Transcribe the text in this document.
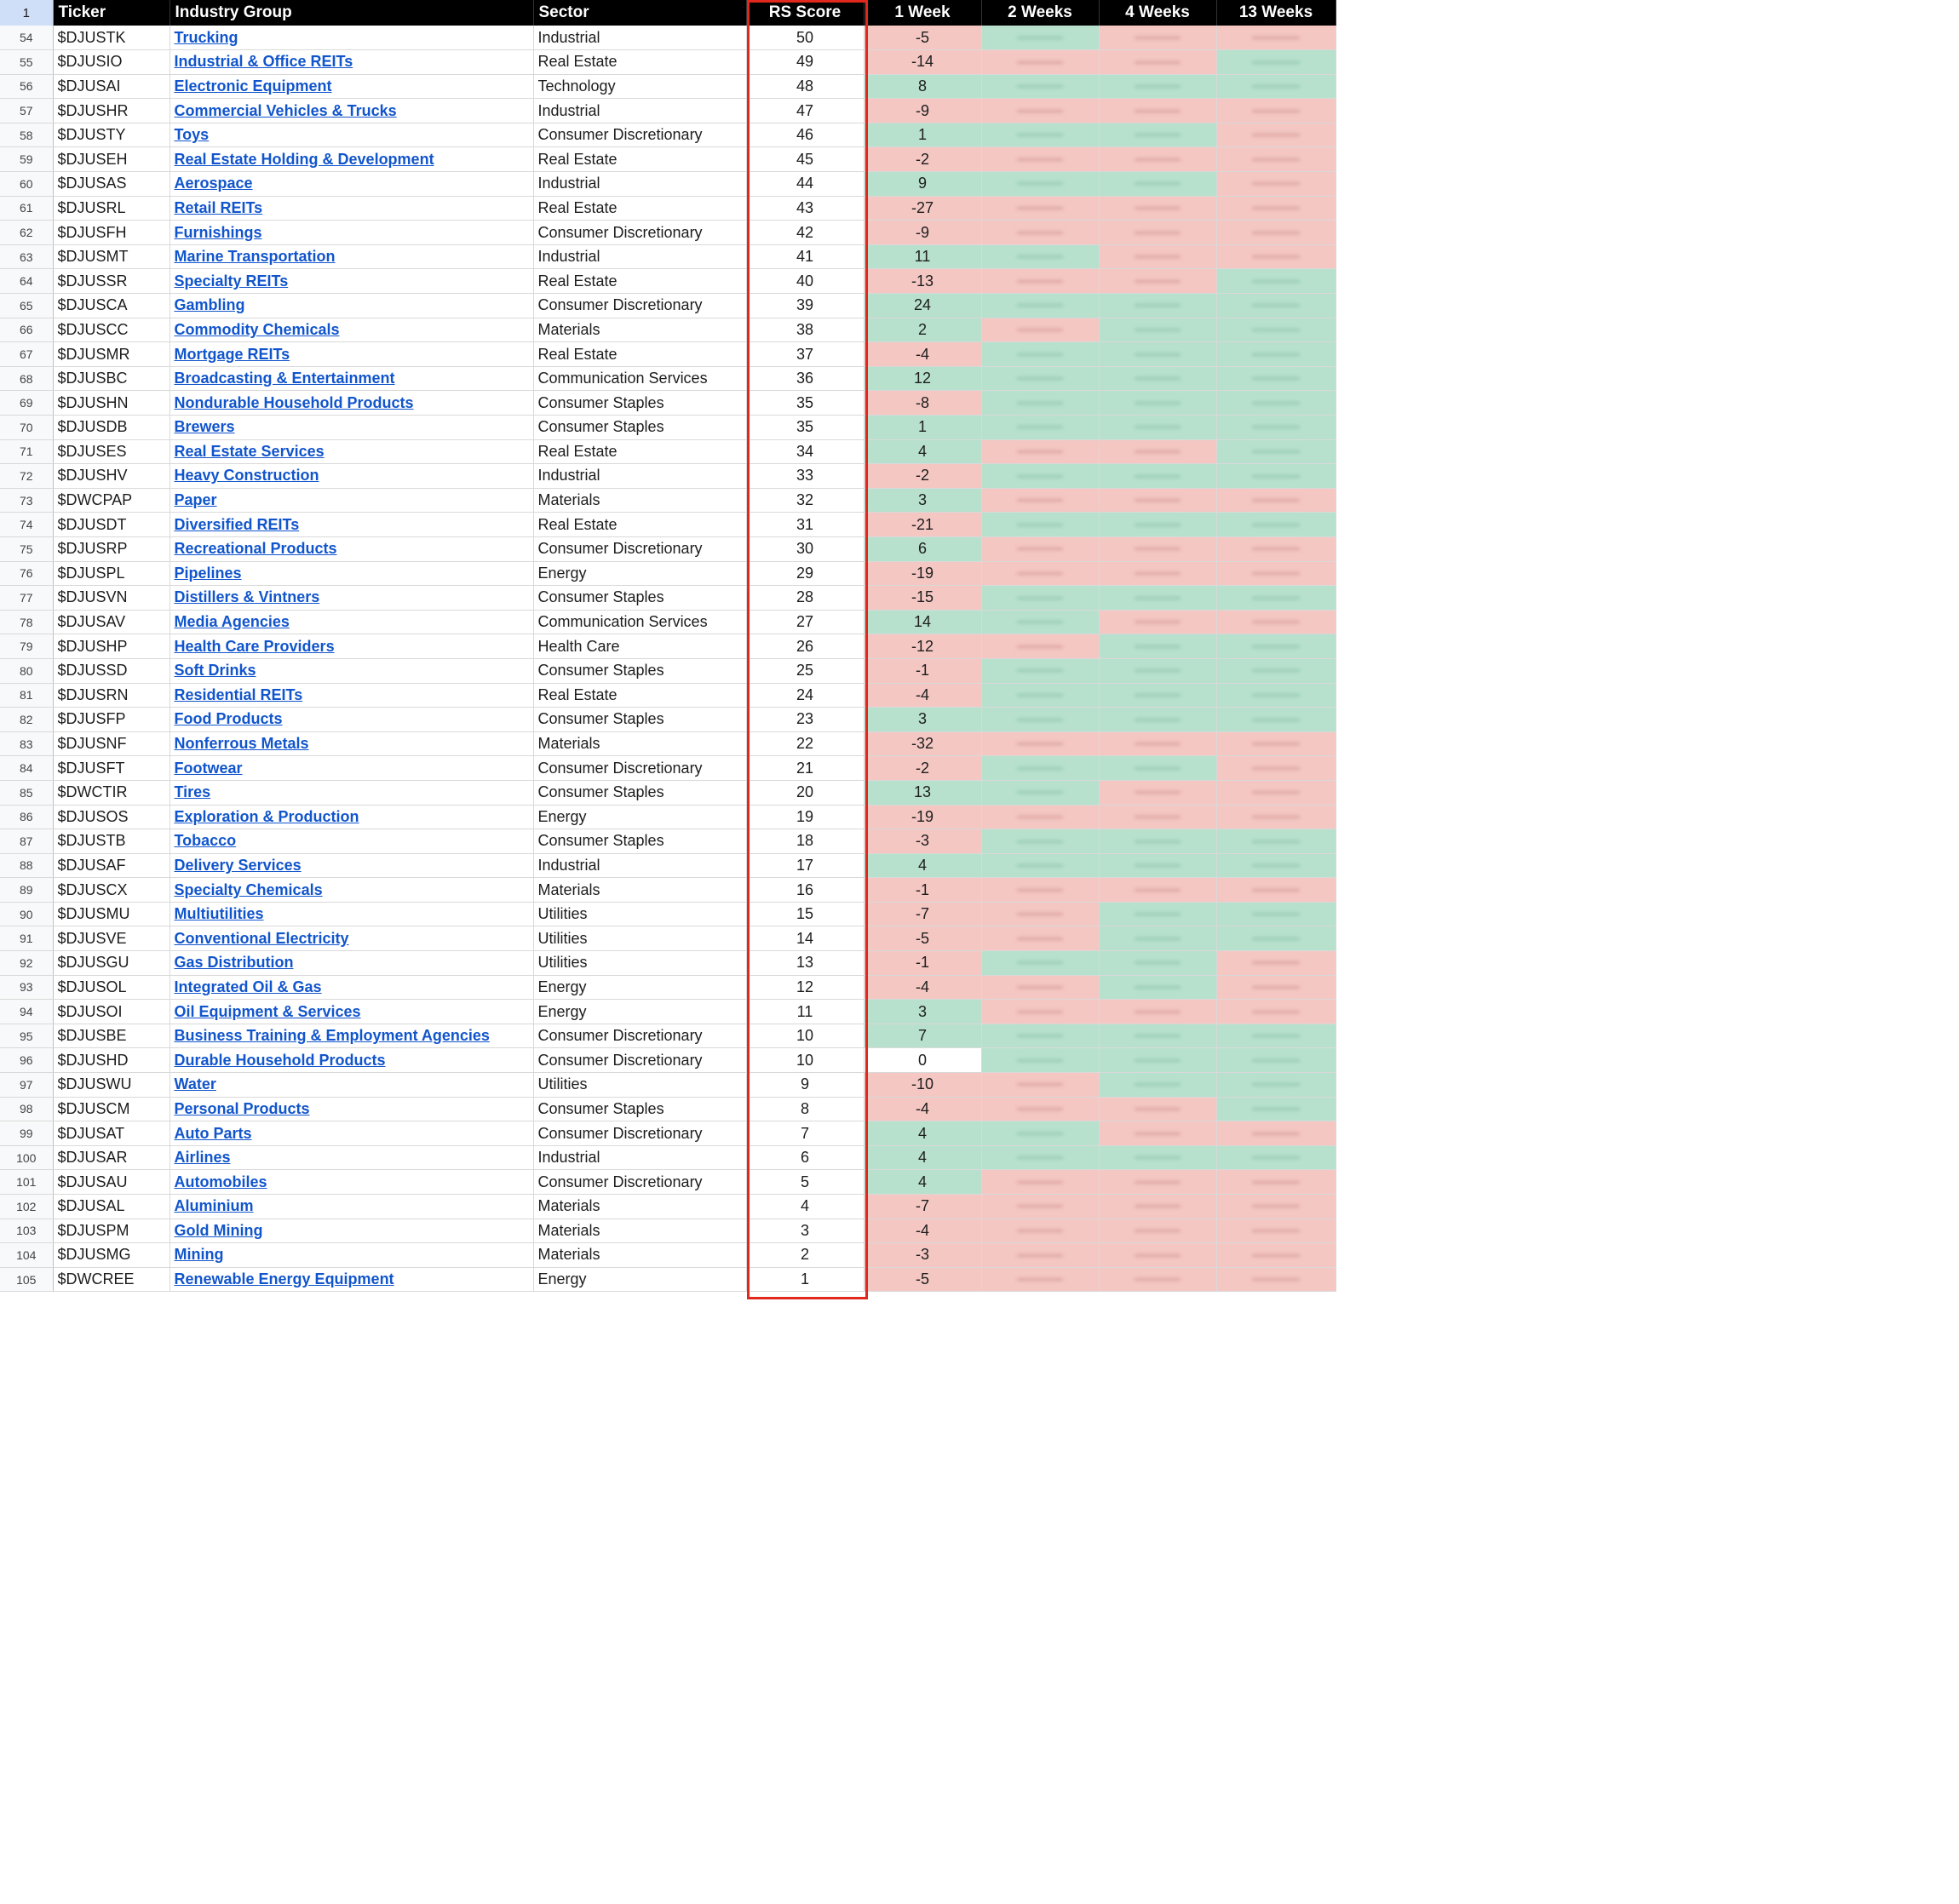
1	Ticker	Industry Group	Sector	RS Score	1 Week	2 Weeks	4 Weeks	13 Weeks
54	$DJUSTK	Trucking	Industrial	50	-5	

55	$DJUSIO	Industrial & Office REITs	Real Estate	49	-14	

56	$DJUSAI	Electronic Equipment	Technology	48	8	

57	$DJUSHR	Commercial Vehicles & Trucks	Industrial	47	-9	

58	$DJUSTY	Toys	Consumer Discretionary	46	1	

59	$DJUSEH	Real Estate Holding & Development	Real Estate	45	-2	

60	$DJUSAS	Aerospace	Industrial	44	9	

61	$DJUSRL	Retail REITs	Real Estate	43	-27	

62	$DJUSFH	Furnishings	Consumer Discretionary	42	-9	

63	$DJUSMT	Marine Transportation	Industrial	41	11	

64	$DJUSSR	Specialty REITs	Real Estate	40	-13	

65	$DJUSCA	Gambling	Consumer Discretionary	39	24	

66	$DJUSCC	Commodity Chemicals	Materials	38	2	

67	$DJUSMR	Mortgage REITs	Real Estate	37	-4	

68	$DJUSBC	Broadcasting & Entertainment	Communication Services	36	12	

69	$DJUSHN	Nondurable Household Products	Consumer Staples	35	-8	

70	$DJUSDB	Brewers	Consumer Staples	35	1	

71	$DJUSES	Real Estate Services	Real Estate	34	4	

72	$DJUSHV	Heavy Construction	Industrial	33	-2	

73	$DWCPAP	Paper	Materials	32	3	

74	$DJUSDT	Diversified REITs	Real Estate	31	-21	

75	$DJUSRP	Recreational Products	Consumer Discretionary	30	6	

76	$DJUSPL	Pipelines	Energy	29	-19	

77	$DJUSVN	Distillers & Vintners	Consumer Staples	28	-15	

78	$DJUSAV	Media Agencies	Communication Services	27	14	

79	$DJUSHP	Health Care Providers	Health Care	26	-12	

80	$DJUSSD	Soft Drinks	Consumer Staples	25	-1	

81	$DJUSRN	Residential REITs	Real Estate	24	-4	

82	$DJUSFP	Food Products	Consumer Staples	23	3	

83	$DJUSNF	Nonferrous Metals	Materials	22	-32	

84	$DJUSFT	Footwear	Consumer Discretionary	21	-2	

85	$DWCTIR	Tires	Consumer Staples	20	13	

86	$DJUSOS	Exploration & Production	Energy	19	-19	

87	$DJUSTB	Tobacco	Consumer Staples	18	-3	

88	$DJUSAF	Delivery Services	Industrial	17	4	

89	$DJUSCX	Specialty Chemicals	Materials	16	-1	

90	$DJUSMU	Multiutilities	Utilities	15	-7	

91	$DJUSVE	Conventional Electricity	Utilities	14	-5	

92	$DJUSGU	Gas Distribution	Utilities	13	-1	

93	$DJUSOL	Integrated Oil & Gas	Energy	12	-4	

94	$DJUSOI	Oil Equipment & Services	Energy	11	3	

95	$DJUSBE	Business Training & Employment Agencies	Consumer Discretionary	10	7	

96	$DJUSHD	Durable Household Products	Consumer Discretionary	10	0	

97	$DJUSWU	Water	Utilities	9	-10	

98	$DJUSCM	Personal Products	Consumer Staples	8	-4	

99	$DJUSAT	Auto Parts	Consumer Discretionary	7	4	

100	$DJUSAR	Airlines	Industrial	6	4	

101	$DJUSAU	Automobiles	Consumer Discretionary	5	4	

102	$DJUSAL	Aluminium	Materials	4	-7	

103	$DJUSPM	Gold Mining	Materials	3	-4	

104	$DJUSMG	Mining	Materials	2	-3	

105	$DWCREE	Renewable Energy Equipment	Energy	1	-5	
